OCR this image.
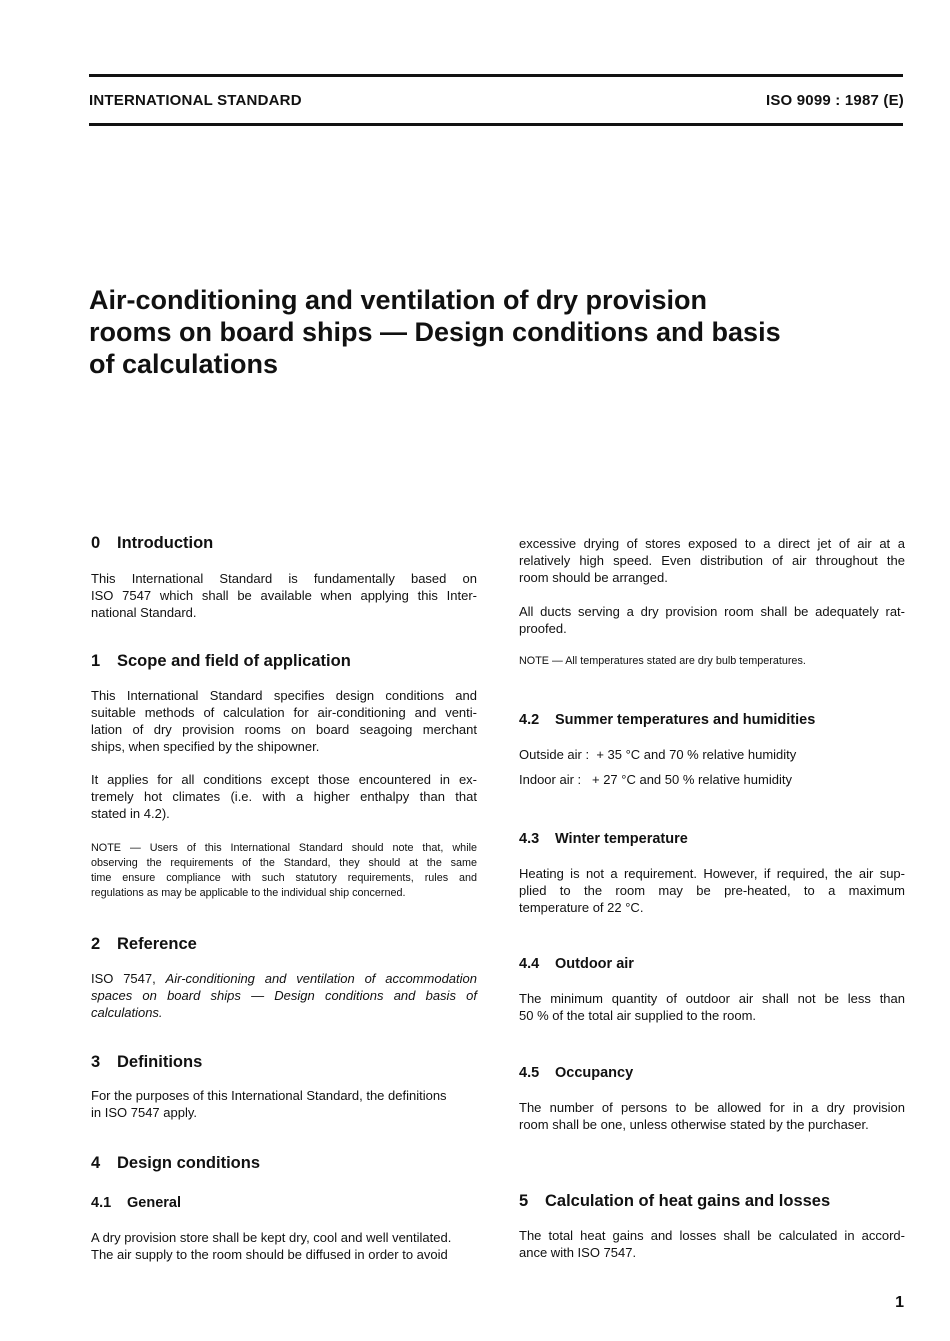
INTERNATIONAL STANDARD	ISO 9099 : 1987 (E)
Air-conditioning and ventilation of dry provision
rooms on board ships — Design conditions and basis
of calculations
0 Introduction
This International Standard is fundamentally based on
ISO 7547 which shall be available when applying this Inter-
national Standard.
1 Scope and field of application
This International Standard specifies design conditions and
suitable methods of calculation for air-conditioning and venti-
lation of dry provision rooms on board seagoing merchant
ships, when specified by the shipowner.
It applies for all conditions except those encountered in ex-
tremely hot climates (i.e. with a higher enthalpy than that
stated in 4.2).
NOTE — Users of this International Standard should note that, while
observing the requirements of the Standard, they should at the same
time ensure compliance with such statutory requirements, rules and
regulations as may be applicable to the individual ship concerned.
2 Reference
ISO 7547, Air-conditioning and ventilation of accommodation
spaces on board ships — Design conditions and basis of
calculations.
3 Definitions
For the purposes of this International Standard, the definitions
in ISO 7547 apply.
4 Design conditions
4.1 General
A dry provision store shall be kept dry, cool and well ventilated.
The air supply to the room should be diffused in order to avoid
excessive drying of stores exposed to a direct jet of air at a
relatively high speed. Even distribution of air throughout the
room should be arranged.
All ducts serving a dry provision room shall be adequately rat-
proofed.
NOTE — All temperatures stated are dry bulb temperatures.
4.2 Summer temperatures and humidities
Outside air : + 35 °C and 70 % relative humidity
Indoor air : + 27 °C and 50 % relative humidity
4.3 Winter temperature
Heating is not a requirement. However, if required, the air sup-
plied to the room may be pre-heated, to a maximum
temperature of 22 °C.
4.4 Outdoor air
The minimum quantity of outdoor air shall not be less than
50 % of the total air supplied to the room.
4.5 Occupancy
The number of persons to be allowed for in a dry provision
room shall be one, unless otherwise stated by the purchaser.
5 Calculation of heat gains and losses
The total heat gains and losses shall be calculated in accord-
ance with ISO 7547.
1
